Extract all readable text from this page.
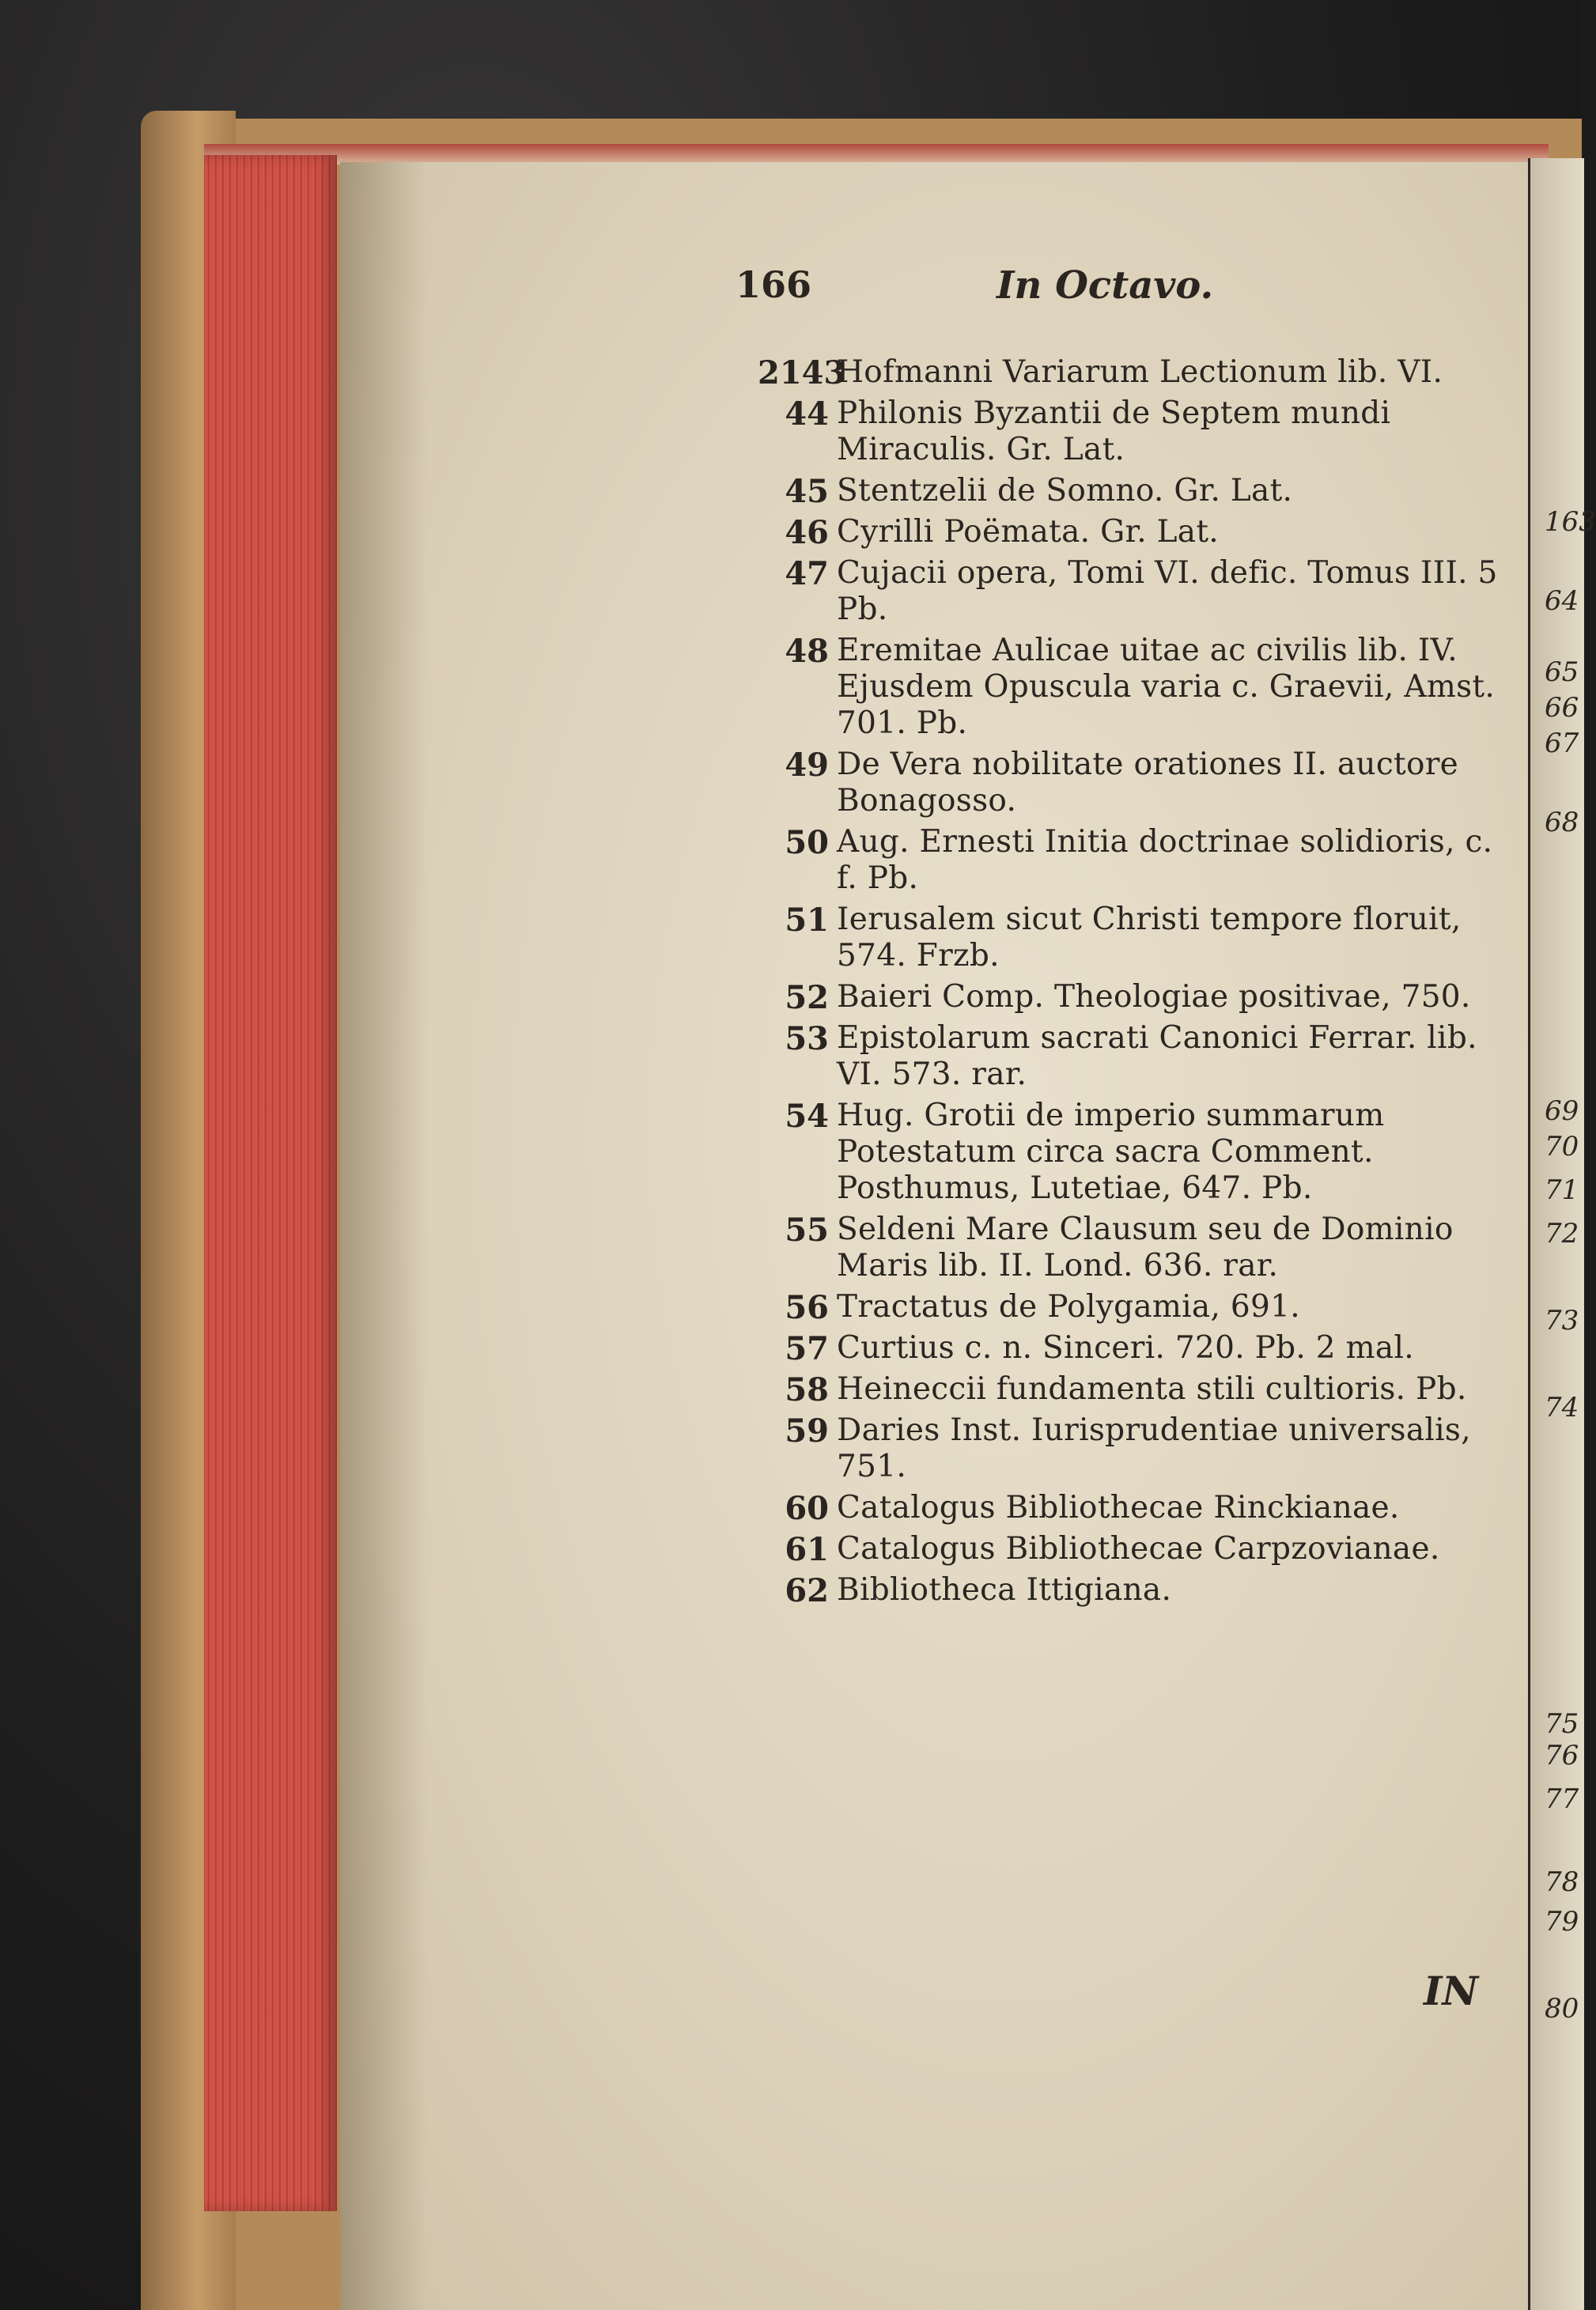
163
64
65
66
67
68
69
70
71
72
73
74
75
76
77
78
79
80
166	In Octavo.
2143
Hofmanni Variarum Lectionum lib. VI.
44 Philonis Byzantii de Septem mundi Miraculis. Gr. Lat.
45 Stentzelii de Somno. Gr. Lat.
46 Cyrilli Poëmata. Gr. Lat.
47 Cujacii opera, Tomi VI. defic. Tomus III. 5 Pb.
48 Eremitae Aulicae uitae ac civilis lib. IV. Ejusdem Opuscula varia c. Graevii, Amst. 701. Pb.
49 De Vera nobilitate orationes II. auctore Bonagosso.
50 Aug. Ernesti Initia doctrinae solidioris, c. f. Pb.
51 Ierusalem sicut Christi tempore floruit, 574. Frzb.
52 Baieri Comp. Theologiae positivae, 750.
53 Epistolarum sacrati Canonici Ferrar. lib. VI. 573. rar.
54 Hug. Grotii de imperio summarum Potestatum circa sacra Comment. Posthumus, Lutetiae, 647. Pb.
55 Seldeni Mare Clausum seu de Dominio Maris lib. II. Lond. 636. rar.
56 Tractatus de Polygamia, 691.
57 Curtius c. n. Sinceri. 720. Pb. 2 mal.
58 Heineccii fundamenta stili cultioris. Pb.
59 Daries Inst. Iurisprudentiae universalis, 751.
60 Catalogus Bibliothecae Rinckianae.
61 Catalogus Bibliothecae Carpzovianae.
62 Bibliotheca Ittigiana.
IN
